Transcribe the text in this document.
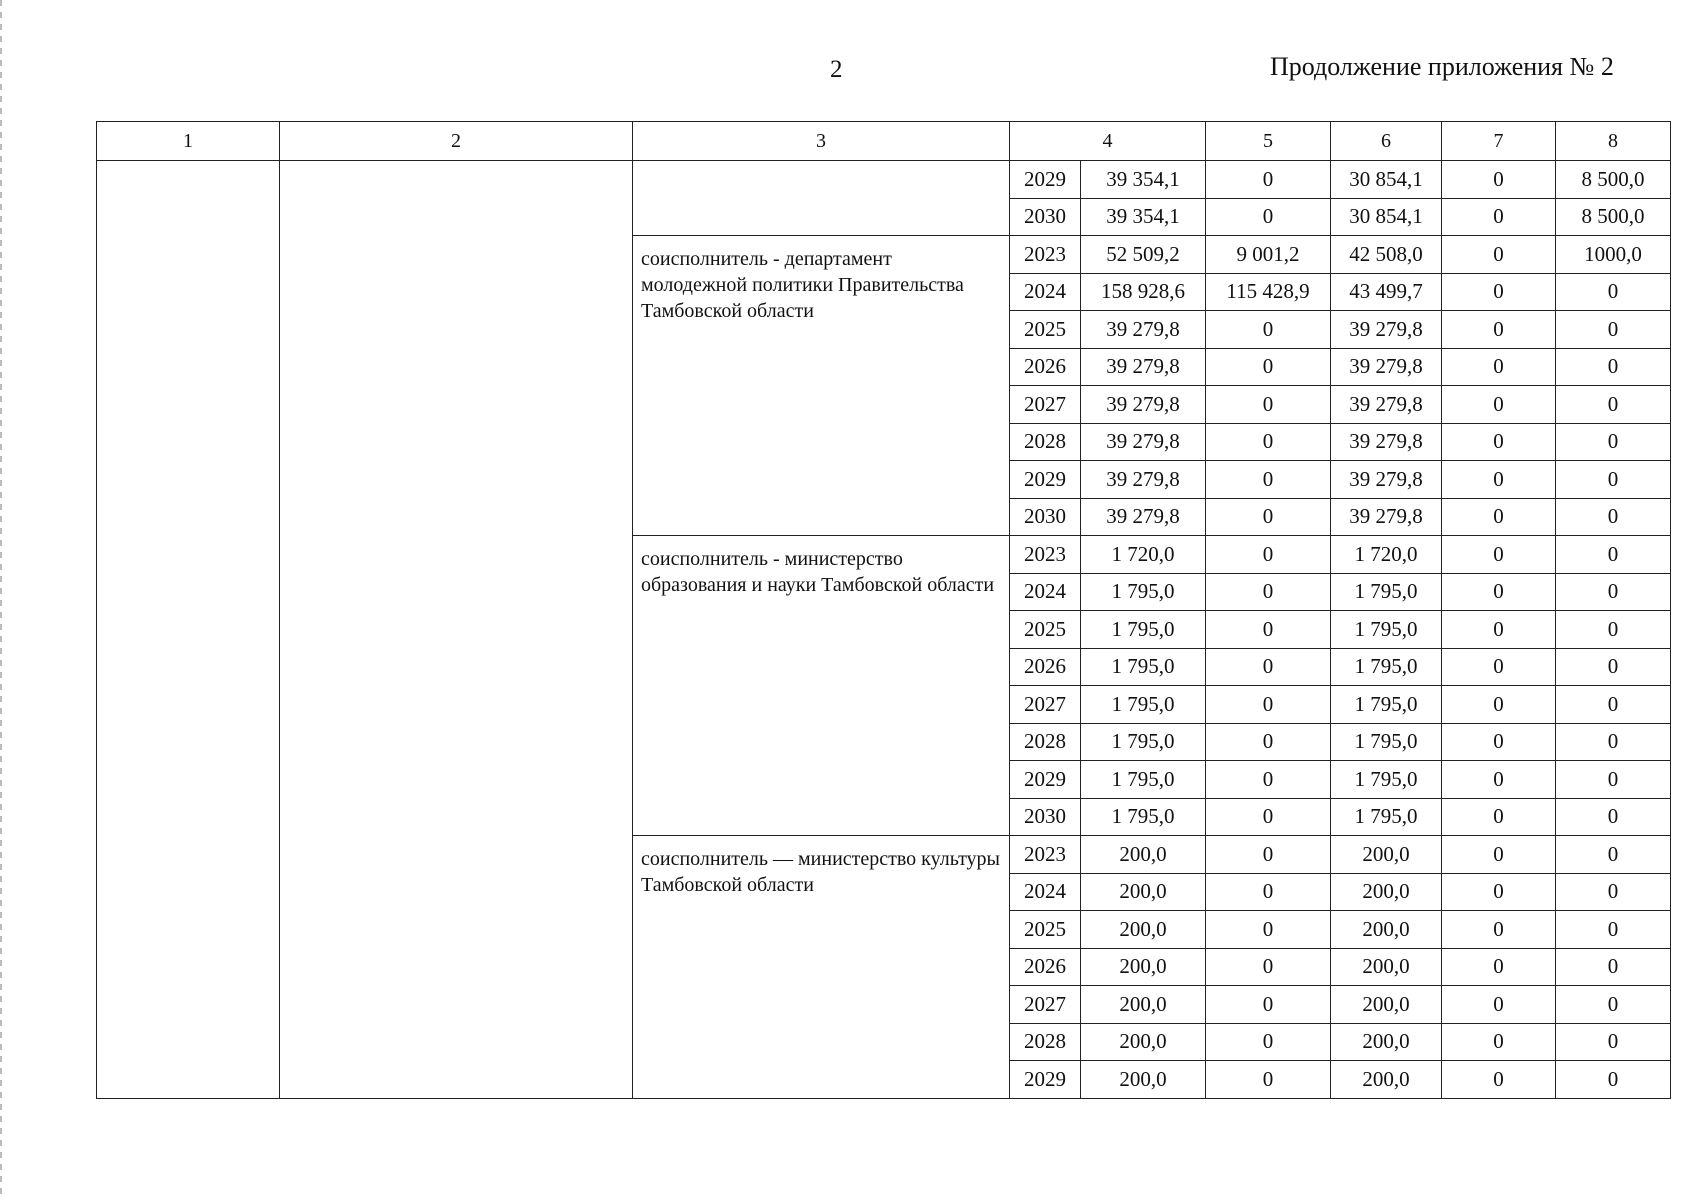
2	Продолжение приложения № 2
1	2	3	4		5	6	7	8
			2029	39 354,1	0	30 854,1	0	8 500,0
			2030	39 354,1	0	30 854,1	0	8 500,0
		соисполнитель - департамент молодежной политики Правительства Тамбовской области	2023	52 509,2	9 001,2	42 508,0	0	1000,0
			2024	158 928,6	115 428,9	43 499,7	0	0
			2025	39 279,8	0	39 279,8	0	0
			2026	39 279,8	0	39 279,8	0	0
			2027	39 279,8	0	39 279,8	0	0
			2028	39 279,8	0	39 279,8	0	0
			2029	39 279,8	0	39 279,8	0	0
			2030	39 279,8	0	39 279,8	0	0
		соисполнитель - министерство образования и науки Тамбовской области	2023	1 720,0	0	1 720,0	0	0
			2024	1 795,0	0	1 795,0	0	0
			2025	1 795,0	0	1 795,0	0	0
			2026	1 795,0	0	1 795,0	0	0
			2027	1 795,0	0	1 795,0	0	0
			2028	1 795,0	0	1 795,0	0	0
			2029	1 795,0	0	1 795,0	0	0
			2030	1 795,0	0	1 795,0	0	0
		соисполнитель — министерство культуры Тамбовской области	2023	200,0	0	200,0	0	0
			2024	200,0	0	200,0	0	0
			2025	200,0	0	200,0	0	0
			2026	200,0	0	200,0	0	0
			2027	200,0	0	200,0	0	0
			2028	200,0	0	200,0	0	0
			2029	200,0	0	200,0	0	0
